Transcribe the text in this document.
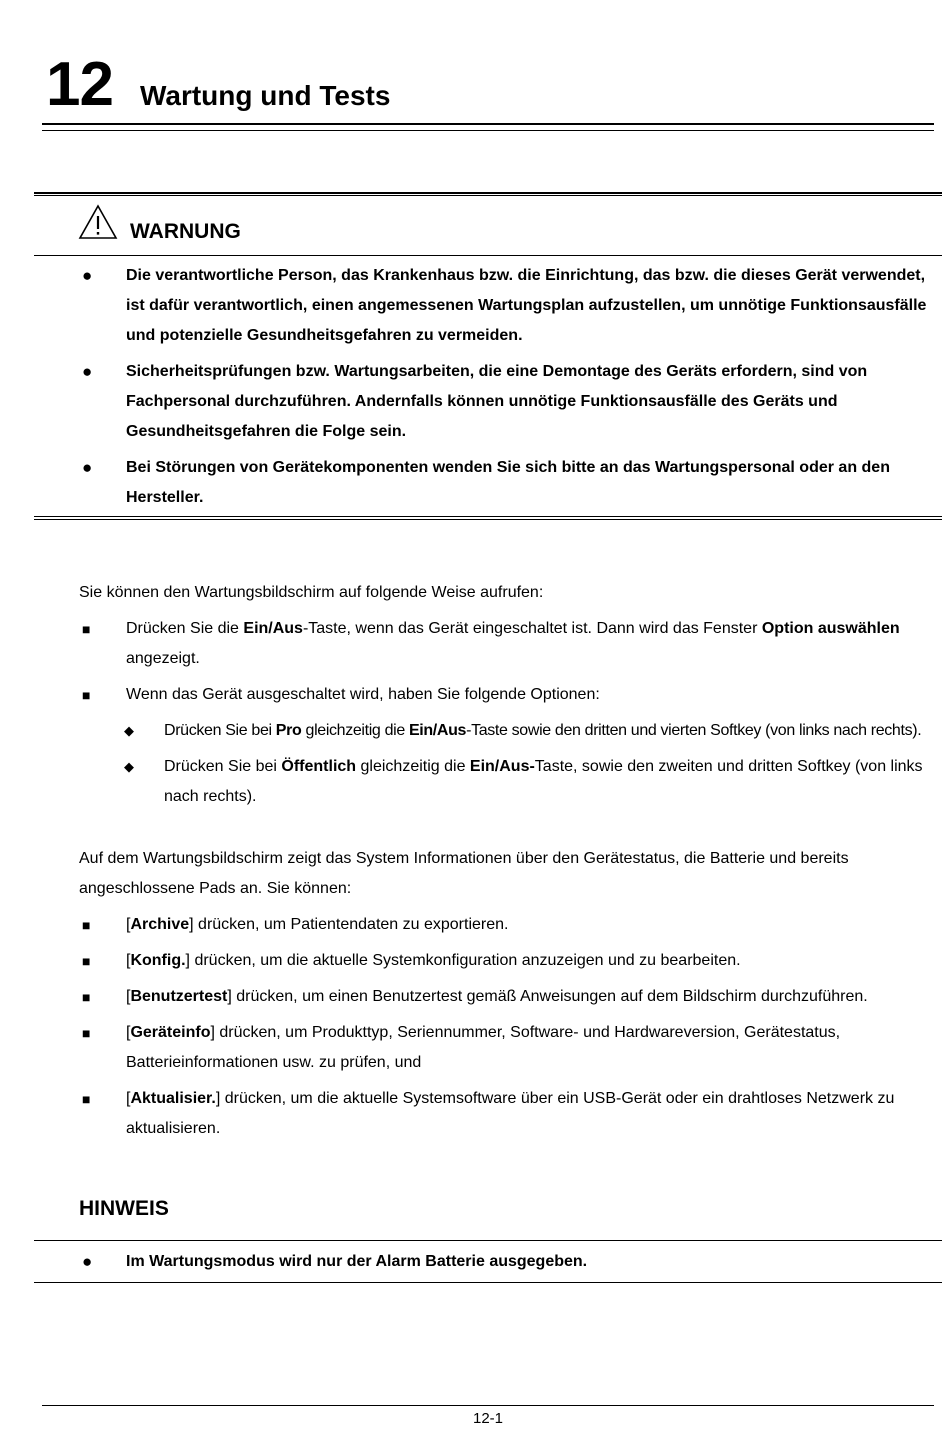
12 Wartung und Tests
WARNUNG
●	Die verantwortliche Person, das Krankenhaus bzw. die Einrichtung, das bzw. die dieses Gerät verwendet, ist dafür verantwortlich, einen angemessenen Wartungsplan aufzustellen, um unnötige Funktionsausfälle und potenzielle Gesundheitsgefahren zu vermeiden.
●	Sicherheitsprüfungen bzw. Wartungsarbeiten, die eine Demontage des Geräts erfordern, sind von Fachpersonal durchzuführen. Andernfalls können unnötige Funktionsausfälle des Geräts und Gesundheitsgefahren die Folge sein.
●	Bei Störungen von Gerätekomponenten wenden Sie sich bitte an das Wartungspersonal oder an den Hersteller.
Sie können den Wartungsbildschirm auf folgende Weise aufrufen:
■	Drücken Sie die Ein/Aus-Taste, wenn das Gerät eingeschaltet ist. Dann wird das Fenster Option auswählen angezeigt.
■	Wenn das Gerät ausgeschaltet wird, haben Sie folgende Optionen:
◆	Drücken Sie bei Pro gleichzeitig die Ein/Aus-Taste sowie den dritten und vierten Softkey (von links nach rechts).
◆	Drücken Sie bei Öffentlich gleichzeitig die Ein/Aus-Taste, sowie den zweiten und dritten Softkey (von links nach rechts).
Auf dem Wartungsbildschirm zeigt das System Informationen über den Gerätestatus, die Batterie und bereits angeschlossene Pads an. Sie können:
■	[Archive] drücken, um Patientendaten zu exportieren.
■	[Konfig.] drücken, um die aktuelle Systemkonfiguration anzuzeigen und zu bearbeiten.
■	[Benutzertest] drücken, um einen Benutzertest gemäß Anweisungen auf dem Bildschirm durchzuführen.
■	[Geräteinfo] drücken, um Produkttyp, Seriennummer, Software- und Hardwareversion, Gerätestatus, Batterieinformationen usw. zu prüfen, und
■	[Aktualisier.] drücken, um die aktuelle Systemsoftware über ein USB-Gerät oder ein drahtloses Netzwerk zu aktualisieren.
HINWEIS
●	Im Wartungsmodus wird nur der Alarm Batterie ausgegeben.
12-1
